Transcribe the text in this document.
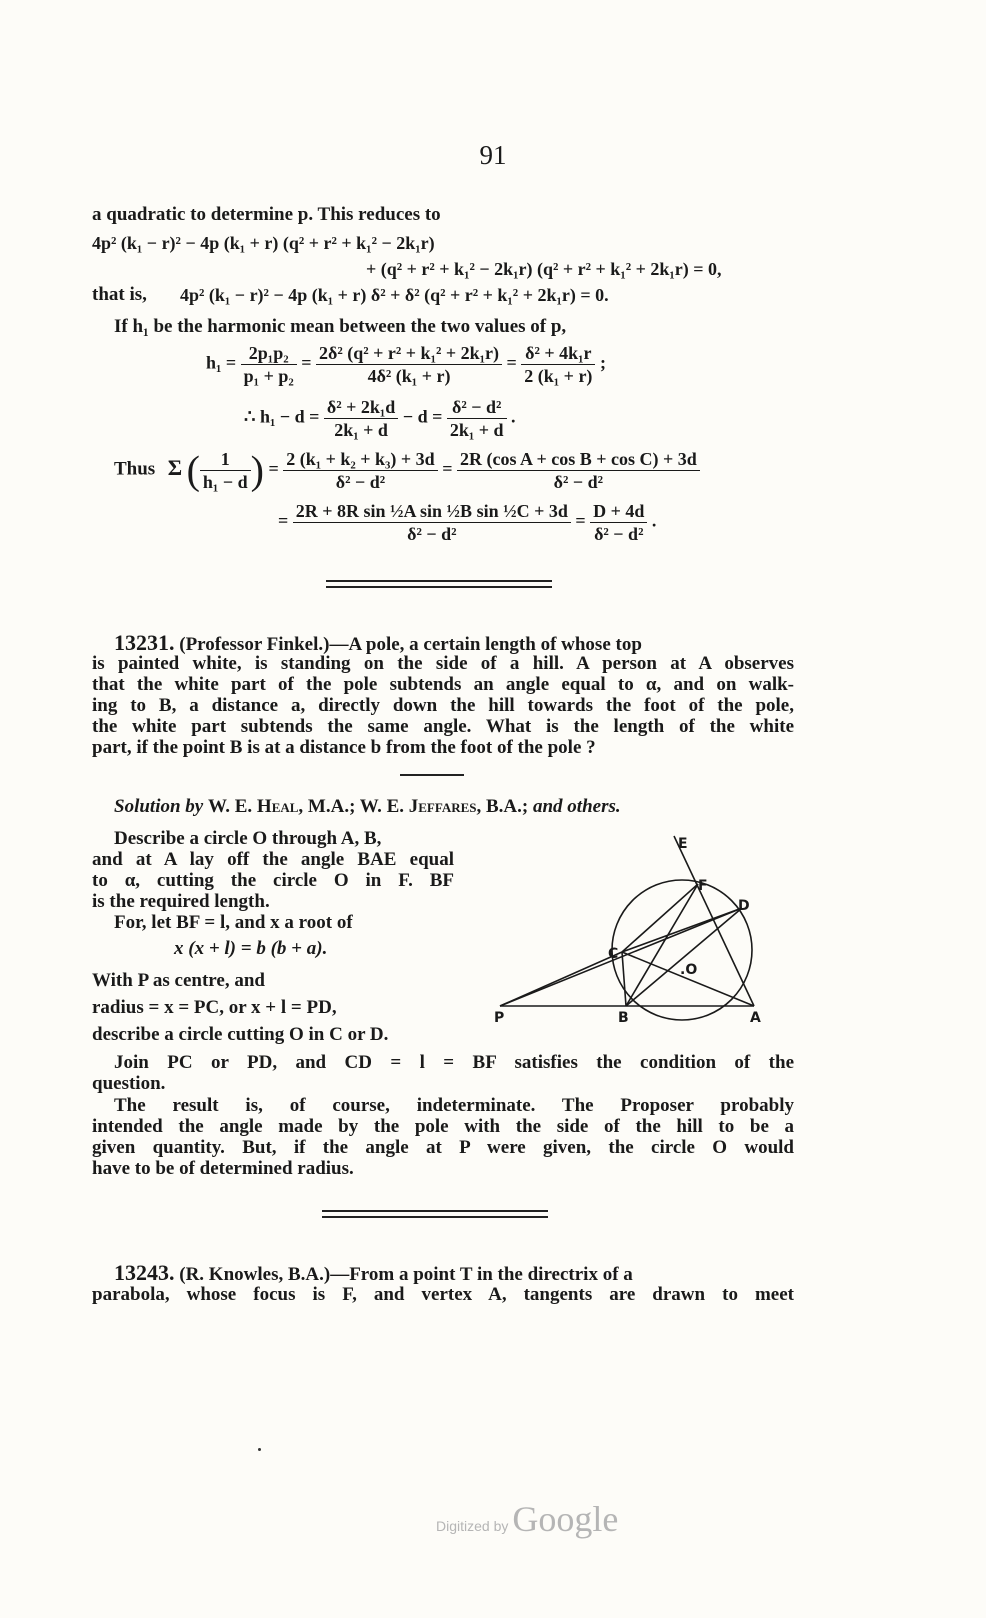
91
a quadratic to determine p. This reduces to
4p² (k₁ − r)² − 4p (k₁ + r) (q² + r² + k₁² − 2k₁r)
+ (q² + r² + k₁² − 2k₁r) (q² + r² + k₁² + 2k₁r) = 0,
that is, 4p² (k₁ − r)² − 4p (k₁ + r) δ² + δ² (q² + r² + k₁² + 2k₁r) = 0.
If h₁ be the harmonic mean between the two values of p,
$h_1 = \frac{\text{2p₁p₂}}{\text{p₁ + p₂}} = \frac{\text{2δ² (q² + r² + k₁² + 2k₁r)}}{\text{4δ² (k₁ + r)}} = \frac{\text{δ² + 4k₁r}}{\text{2 (k₁ + r)}}$ ;
∴ $h_1 - d = \frac{\text{δ² + 2k₁d}}{\text{2k₁ + d}} - d = \frac{\text{δ² − d²}}{\text{2k₁ + d}}$ .
Thus Σ ( $\frac{1}{\text{h₁ − d}}$ ) = $\frac{\text{2 (k₁ + k₂ + k₃) + 3d}}{\text{δ² − d²}} = \frac{\text{2R (cos A + cos B + cos C) + 3d}}{\text{δ² − d²}}$
= $\frac{\text{2R + 8R sin ½A sin ½B sin ½C + 3d}}{\text{δ² − d²}} = \frac{D + 4d}{\text{δ² − d²}}$ .
13231. (Professor Finkel.)—A pole, a certain length of whose top
is painted white, is standing on the side of a hill. A person at A observes
that the white part of the pole subtends an angle equal to α, and on walk-
ing to B, a distance a, directly down the hill towards the foot of the pole,
the white part subtends the same angle. What is the length of the white
part, if the point B is at a distance b from the foot of the pole ?
Solution by W. E. Heal, M.A.; W. E. Jeffares, B.A.; and others.
Describe a circle O through A, B,
and at A lay off the angle BAE equal
to α, cutting the circle O in F. BF
is the required length.
For, let BF = l, and x a root of
x (x + l) = b (b + a).
With P as centre, and
radius = x = PC, or x + l = PD,
describe a circle cutting O in C or D.
E
F
D
C
.O
P	B	A
Join PC or PD, and CD = l = BF satisfies the condition of the
question.
The result is, of course, indeterminate. The Proposer probably
intended the angle made by the pole with the side of the hill to be a
given quantity. But, if the angle at P were given, the circle O would
have to be of determined radius.
13243. (R. Knowles, B.A.)—From a point T in the directrix of a
parabola, whose focus is F, and vertex A, tangents are drawn to meet
Digitized by Google
